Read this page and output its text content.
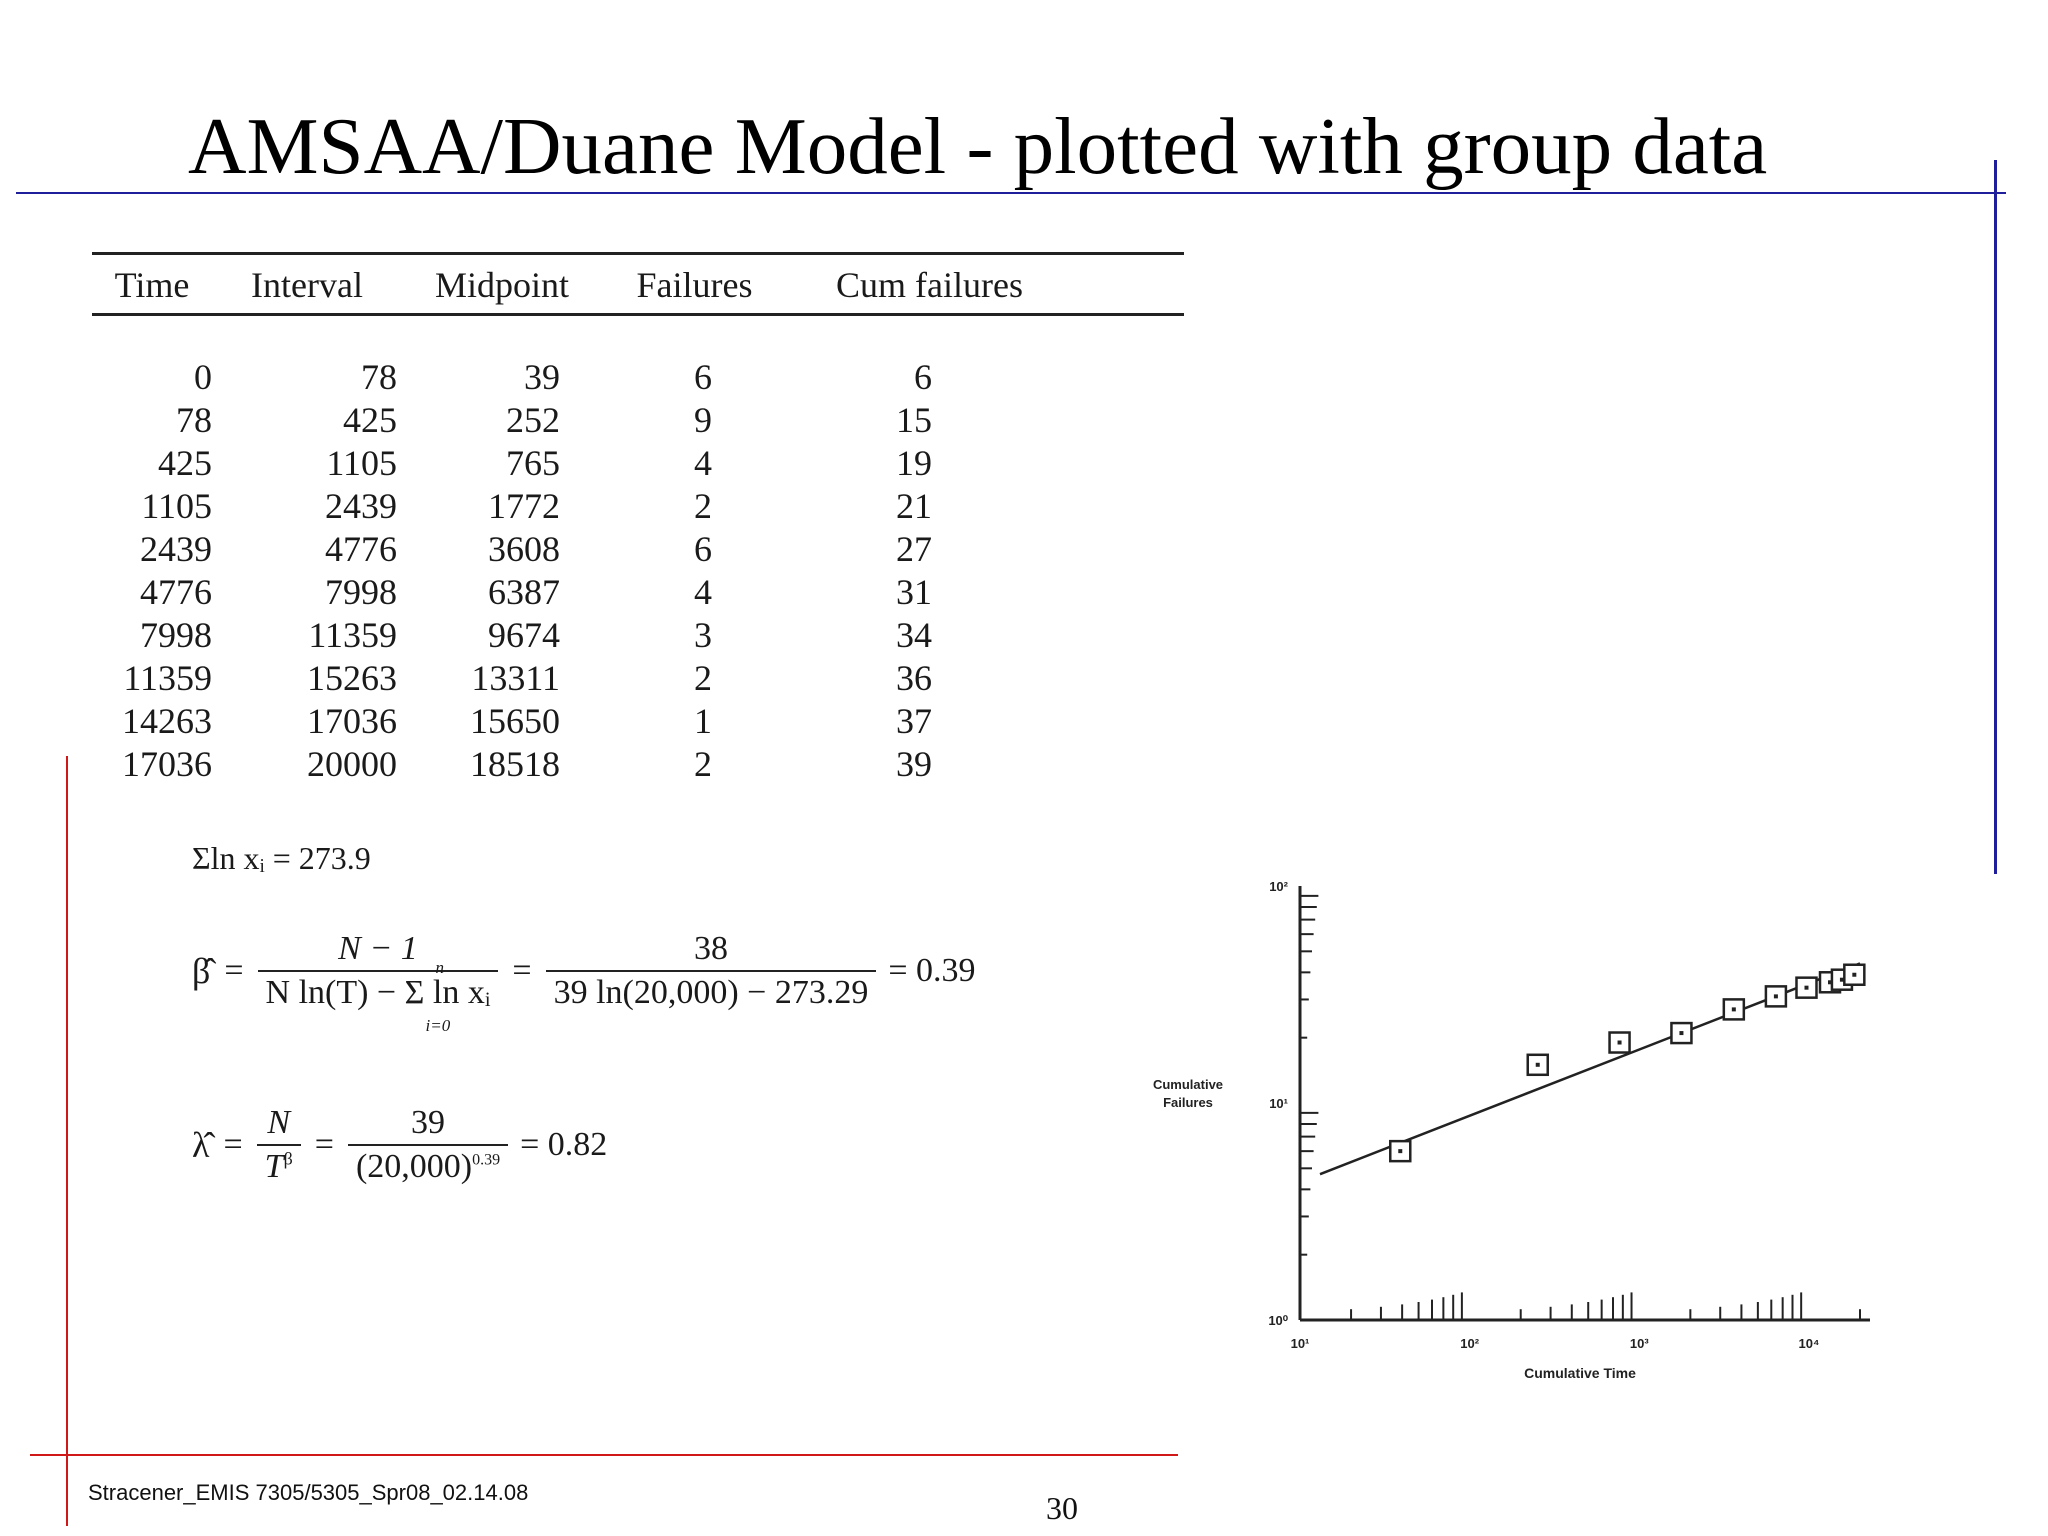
AMSAA/Duane Model - plotted with group data
Time	Interval	Midpoint	Failures	Cum failures

0	78	39	6	6
78	425	252	9	15
425	1105	765	4	19
1105	2439	1772	2	21
2439	4776	3608	6	27
4776	7998	6387	4	31
7998	11359	9674	3	34
11359	15263	13311	2	36
14263	17036	15650	1	37
17036	20000	18518	2	39
Σln xᵢ = 273.9
β̂ = N − 1
N ln(T) − Σ ln xᵢ
n
$i=0 = \frac{38}{39 \ln(20,000) - 273.29} = 0.39$
λ̂ = $\frac{N}{T^\beta} = \frac{39}{(20,000)^{0.39}} = 0.82$
10¹	10²	10³	10⁴
10⁰
10¹
10²
Cumulative Time
Cumulative Failures
Stracener_EMIS 7305/5305_Spr08_02.14.08	30
